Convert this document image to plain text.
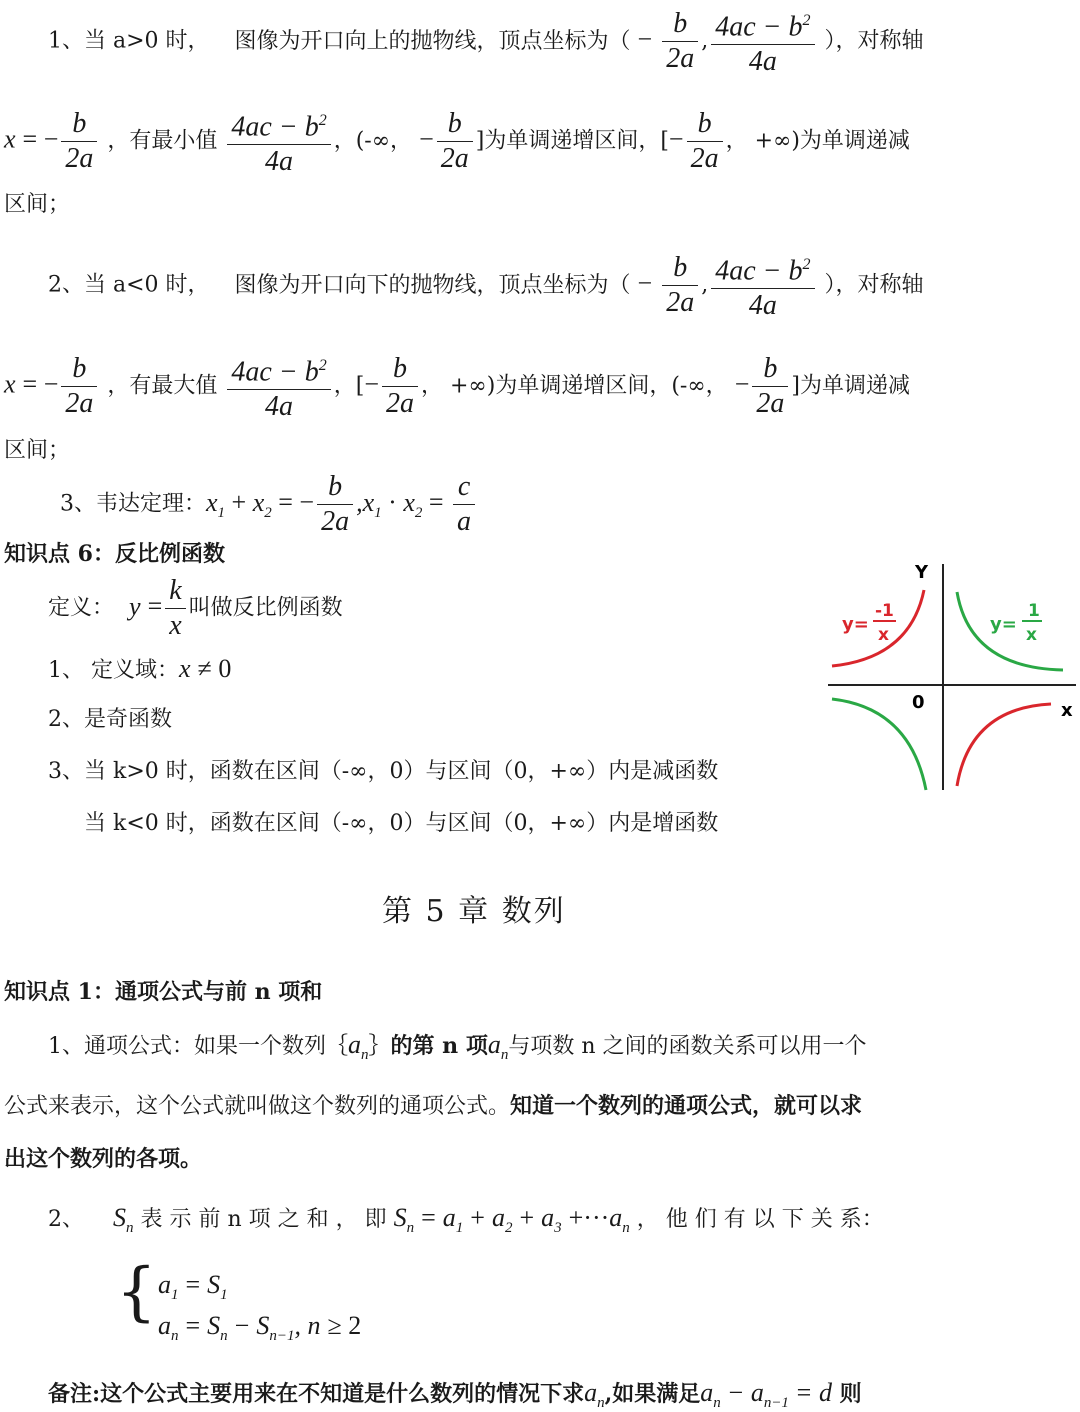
1、当 a>0 时， 图像为开口向上的抛物线，顶点坐标为（ − $\frac{b}{2a}$ , $\frac{4ac - b^2}{4a}$ ），对称轴
x = − $\frac{b}{2a}$ ，有最小值 $\frac{4ac - b^2}{4a}$ ，(-∞， − $\frac{b}{2a}$ ]为单调递增区间，[− $\frac{b}{2a}$ ， +∞)为单调递减
区间；
2、当 a<0 时， 图像为开口向下的抛物线，顶点坐标为（ − $\frac{b}{2a}$ , $\frac{4ac - b^2}{4a}$ ），对称轴
x = − $\frac{b}{2a}$ ，有最大值 $\frac{4ac - b^2}{4a}$ ，[− $\frac{b}{2a}$ ， +∞)为单调递增区间，(-∞， − $\frac{b}{2a}$ ]为单调递减
区间；
3、韦达定理：$x_1 + x_2$ = − $\frac{b}{2a} ,x_1 \cdot x_2 = \frac{c}{a}$
知识点 6：反比例函数
定义： $y = \frac{k}{x}$ 叫做反比例函数
1、 定义域：x ≠ 0
2、是奇函数
3、当 k>0 时，函数在区间（-∞，0）与区间（0，+∞）内是减函数
当 k<0 时，函数在区间（-∞，0）与区间（0，+∞）内是增函数
Y
x
0
y=
-1
x	y=
1
x
第 5 章 数列
知识点 1：通项公式与前 n 项和
1、通项公式：如果一个数列$\{a_n\}$的第 n 项$a_n$与项数 n 之间的函数关系可以用一个
公式来表示，这个公式就叫做这个数列的通项公式。知道一个数列的通项公式，就可以求
出这个数列的各项。
2、 $S_n$ 表 示 前 n 项 之 和 ， 即 $S_n = a_1 + a_2 + a_3 +\cdot\cdot\cdot a_n$ ， 他 们 有 以 下 关 系：
{ $a_1 = S_1$
$a_n = S_n - S_{n-1}$, n ≥ 2
备注:这个公式主要用来在不知道是什么数列的情况下求$a_n$,如果满足$a_n - a_{n-1} = d$ 则
